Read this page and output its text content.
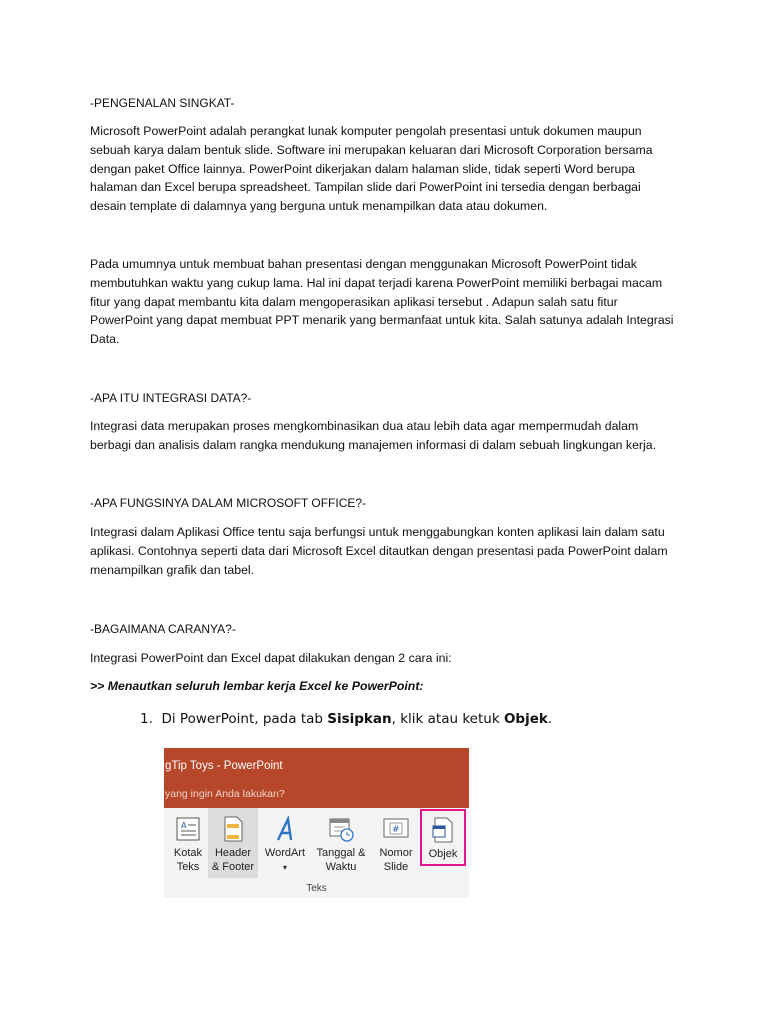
-PENGENALAN SINGKAT-

Microsoft PowerPoint adalah perangkat lunak komputer pengolah presentasi untuk dokumen maupun sebuah karya dalam bentuk slide. Software ini merupakan keluaran dari Microsoft Corporation bersama dengan paket Office lainnya. PowerPoint dikerjakan dalam halaman slide, tidak seperti Word berupa halaman dan Excel berupa spreadsheet. Tampilan slide dari PowerPoint ini tersedia dengan berbagai desain template di dalamnya yang berguna untuk menampilkan data atau dokumen.

Pada umumnya untuk membuat bahan presentasi dengan menggunakan Microsoft PowerPoint tidak membutuhkan waktu yang cukup lama. Hal ini dapat terjadi karena PowerPoint memiliki berbagai macam fitur yang dapat membantu kita dalam mengoperasikan aplikasi tersebut . Adapun salah satu fitur PowerPoint yang dapat membuat PPT menarik yang bermanfaat untuk kita. Salah satunya adalah Integrasi Data.

-APA ITU INTEGRASI DATA?-

Integrasi data merupakan proses mengkombinasikan dua atau lebih data agar mempermudah dalam berbagi dan analisis dalam rangka mendukung manajemen informasi di dalam sebuah lingkungan kerja.

-APA FUNGSINYA DALAM MICROSOFT OFFICE?-

Integrasi dalam Aplikasi Office tentu saja berfungsi untuk menggabungkan konten aplikasi lain dalam satu aplikasi. Contohnya seperti data dari Microsoft Excel ditautkan dengan presentasi pada PowerPoint dalam menampilkan grafik dan tabel.

-BAGAIMANA CARANYA?-

Integrasi PowerPoint dan Excel dapat dilakukan dengan 2 cara ini:

>> Menautkan seluruh lembar kerja Excel ke PowerPoint:
1. Di PowerPoint, pada tab Sisipkan, klik atau ketuk Objek.
gTip Toys - PowerPoint
yang ingin Anda lakukan?
A
Kotak
Teks
Header
& Footer
WordArt
▾
Tanggal &
Waktu
#
Nomor
Slide
Objek
Teks
